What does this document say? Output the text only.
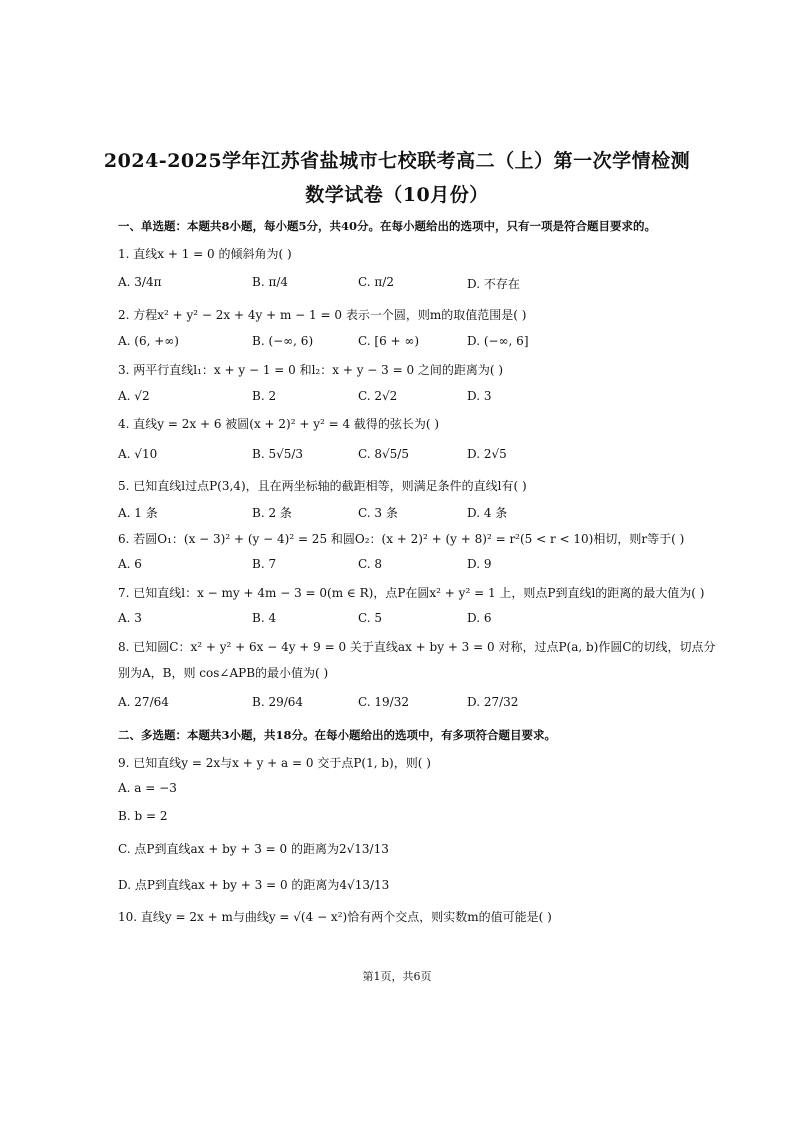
2024-2025学年江苏省盐城市七校联考高二（上）第一次学情检测
数学试卷（10月份）
一、单选题：本题共8小题，每小题5分，共40分。在每小题给出的选项中，只有一项是符合题目要求的。
1. 直线x + 1 = 0 的倾斜角为( )
A. 3/4π	B. π/4	C. π/2	D. 不存在
2. 方程x² + y² − 2x + 4y + m − 1 = 0 表示一个圆，则m的取值范围是( )
A. (6, +∞)	B. (−∞, 6)	C. [6 + ∞)	D. (−∞, 6]
3. 两平行直线l₁：x + y − 1 = 0 和l₂：x + y − 3 = 0 之间的距离为( )
A. √2	B. 2	C. 2√2	D. 3
4. 直线y = 2x + 6 被圆(x + 2)² + y² = 4 截得的弦长为( )
A. √10	B. 5√5/3	C. 8√5/5	D. 2√5
5. 已知直线l过点P(3,4)，且在两坐标轴的截距相等，则满足条件的直线l有( )
A. 1 条	B. 2 条	C. 3 条	D. 4 条
6. 若圆O₁：(x − 3)² + (y − 4)² = 25 和圆O₂：(x + 2)² + (y + 8)² = r²(5 < r < 10)相切，则r等于( )
A. 6	B. 7	C. 8	D. 9
7. 已知直线l：x − my + 4m − 3 = 0(m ∈ R)，点P在圆x² + y² = 1 上，则点P到直线l的距离的最大值为( )
A. 3	B. 4	C. 5	D. 6
8. 已知圆C：x² + y² + 6x − 4y + 9 = 0 关于直线ax + by + 3 = 0 对称，过点P(a, b)作圆C的切线，切点分
别为A，B，则 cos∠APB的最小值为( )
A. 27/64	B. 29/64	C. 19/32	D. 27/32
二、多选题：本题共3小题，共18分。在每小题给出的选项中，有多项符合题目要求。
9. 已知直线y = 2x与x + y + a = 0 交于点P(1, b)，则( )
A. a = −3
B. b = 2
C. 点P到直线ax + by + 3 = 0 的距离为2√13/13
D. 点P到直线ax + by + 3 = 0 的距离为4√13/13
10. 直线y = 2x + m与曲线y = √(4 − x²)恰有两个交点，则实数m的值可能是( )
第1页，共6页
